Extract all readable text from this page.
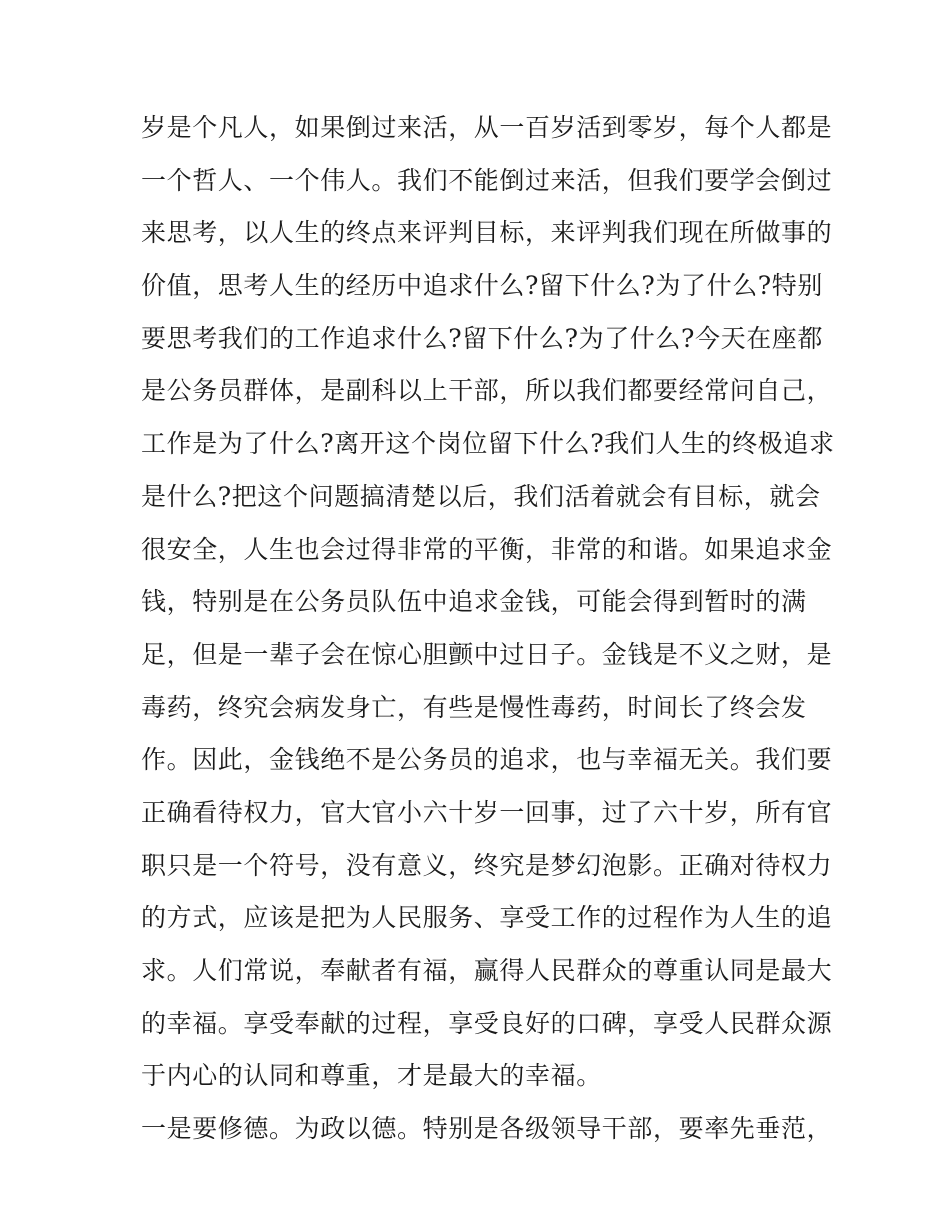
岁是个凡人，如果倒过来活，从一百岁活到零岁，每个人都是
一个哲人、一个伟人。我们不能倒过来活，但我们要学会倒过
来思考，以人生的终点来评判目标，来评判我们现在所做事的
价值，思考人生的经历中追求什么?留下什么?为了什么?特别
要思考我们的工作追求什么?留下什么?为了什么?今天在座都
是公务员群体，是副科以上干部，所以我们都要经常问自己，
工作是为了什么?离开这个岗位留下什么?我们人生的终极追求
是什么?把这个问题搞清楚以后，我们活着就会有目标，就会
很安全，人生也会过得非常的平衡，非常的和谐。如果追求金
钱，特别是在公务员队伍中追求金钱，可能会得到暂时的满
足，但是一辈子会在惊心胆颤中过日子。金钱是不义之财，是
毒药，终究会病发身亡，有些是慢性毒药，时间长了终会发
作。因此，金钱绝不是公务员的追求，也与幸福无关。我们要
正确看待权力，官大官小六十岁一回事，过了六十岁，所有官
职只是一个符号，没有意义，终究是梦幻泡影。正确对待权力
的方式，应该是把为人民服务、享受工作的过程作为人生的追
求。人们常说，奉献者有福，赢得人民群众的尊重认同是最大
的幸福。享受奉献的过程，享受良好的口碑，享受人民群众源
于内心的认同和尊重，才是最大的幸福。
一是要修德。为政以德。特别是各级领导干部，要率先垂范，
